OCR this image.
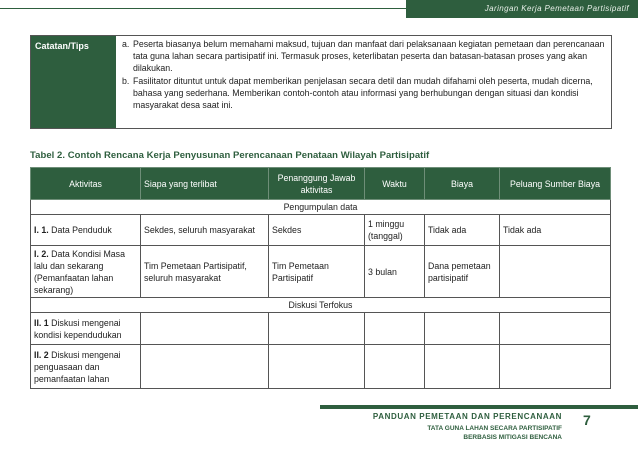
Jaringan Kerja Pemetaan Partisipatif
Catatan/Tips	a. Peserta biasanya belum memahami maksud, tujuan dan manfaat dari pelaksanaan kegiatan pemetaan dan perencanaan tata guna lahan secara partisipatif ini. Termasuk proses, keterlibatan peserta dan batasan-batasan proses yang akan dilakukan.
b. Fasilitator dituntut untuk dapat memberikan penjelasan secara detil dan mudah difahami oleh peserta, mudah dicerna, bahasa yang sederhana. Memberikan contoh-contoh atau informasi yang berhubungan dengan situasi dan kondisi masyarakat desa saat ini.
Tabel 2. Contoh Rencana Kerja Penyusunan Perencanaan Penataan Wilayah Partisipatif
Aktivitas	Siapa yang terlibat	Penanggung Jawab aktivitas	Waktu	Biaya	Peluang Sumber Biaya
Pengumpulan data					
I. 1. Data Penduduk	Sekdes, seluruh masyarakat	Sekdes	1 minggu (tanggal)	Tidak ada	Tidak ada
I. 2. Data Kondisi Masa lalu dan sekarang (Pemanfaatan lahan sekarang)	Tim Pemetaan Partisipatif, seluruh masyarakat	Tim Pemetaan Partisipatif	3 bulan	Dana pemetaan partisipatif	
Diskusi Terfokus					
II. 1 Diskusi mengenai kondisi kependudukan					
II. 2 Diskusi mengenai penguasaan dan pemanfaatan lahan					
PANDUAN PEMETAAN DAN PERENCANAAN
TATA GUNA LAHAN SECARA PARTISIPATIF
BERBASIS MITIGASI BENCANA
7
